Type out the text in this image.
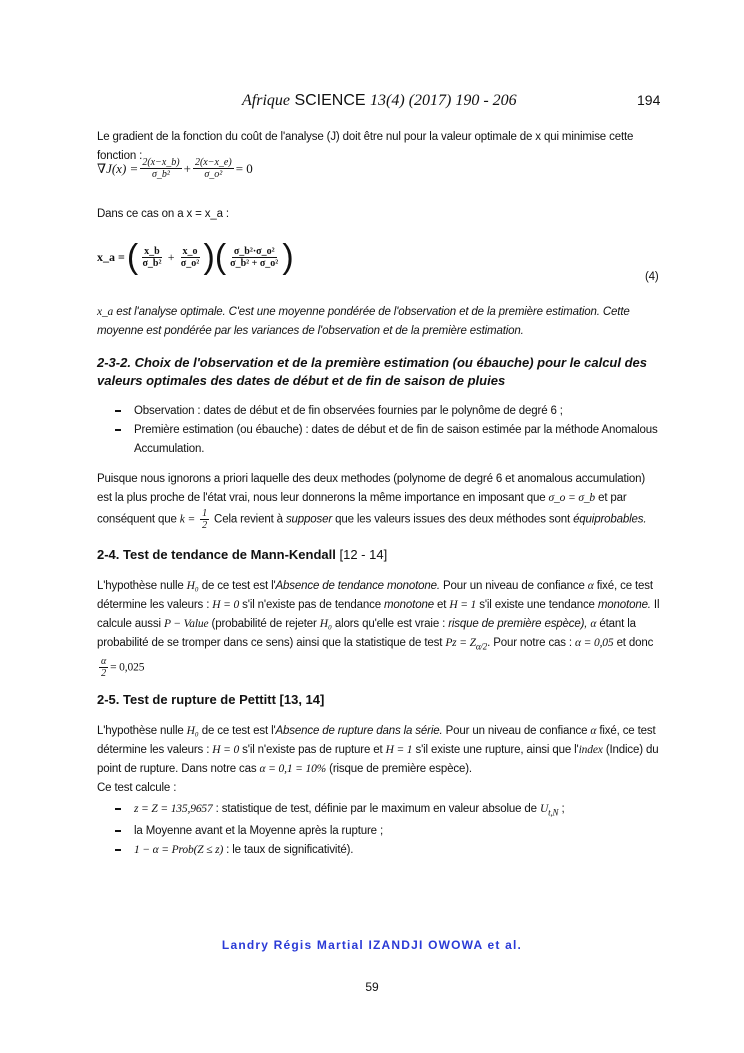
Afrique SCIENCE 13(4) (2017) 190 - 206	194
Le gradient de la fonction du coût de l'analyse (J) doit être nul pour la valeur optimale de x qui minimise cette fonction :
$\nabla J(x) = \frac{2(x-x\_b)}{\text{σ\_b²}} + \frac{2(x-x\_e)}{\text{σ\_o²}} = 0$
Dans ce cas on a x = x_a :
x_a = ( $\frac{x\_b}{\text{σ\_b²}} + \frac{x\_o}{\text{σ\_o²}}$ )( $\frac{\text{σ\_b²·σ\_o²}}{\text{σ\_b² + σ\_o²}}$ )
(4)
x_a est l'analyse optimale. C'est une moyenne pondérée de l'observation et de la première estimation. Cette moyenne est pondérée par les variances de l'observation et de la première estimation.
2-3-2. Choix de l'observation et de la première estimation (ou ébauche) pour le calcul des valeurs optimales des dates de début et de fin de saison de pluies
Observation : dates de début et de fin observées fournies par le polynôme de degré 6 ;
Première estimation (ou ébauche) : dates de début et de fin de saison estimée par la méthode Anomalous Accumulation.
Puisque nous ignorons a priori laquelle des deux methodes (polynome de degré 6 et anomalous accumulation) est la plus proche de l'état vrai, nous leur donnerons la même importance en imposant que σ_o = σ_b et par conséquent que $k = \frac{1}{2}$ Cela revient à supposer que les valeurs issues des deux méthodes sont équiprobables.
2-4. Test de tendance de Mann-Kendall [12 - 14]
L'hypothèse nulle H₀ de ce test est l'Absence de tendance monotone. Pour un niveau de confiance α fixé, ce test détermine les valeurs : H = 0 s'il n'existe pas de tendance monotone et H = 1 s'il existe une tendance monotone. Il calcule aussi P − Value (probabilité de rejeter H₀ alors qu'elle est vraie : risque de première espèce), α étant la probabilité de se tromper dans ce sens) ainsi que la statistique de test $Pz = Z_{\alpha/2}$. Pour notre cas : α = 0,05 et donc
$\frac{\alpha}{2} = 0,025$
2-5. Test de rupture de Pettitt [13, 14]
L'hypothèse nulle H₀ de ce test est l'Absence de rupture dans la série. Pour un niveau de confiance α fixé, ce test détermine les valeurs : H = 0 s'il n'existe pas de rupture et H = 1 s'il existe une rupture, ainsi que l'index (Indice) du point de rupture. Dans notre cas α = 0,1 = 10% (risque de première espèce).
Ce test calcule :
z = Z = 135,9657 : statistique de test, définie par le maximum en valeur absolue de $U_{t,N}$ ;
la Moyenne avant et la Moyenne après la rupture ;
1 − α = Prob(Z ≤ z) : le taux de significativité).
Landry Régis Martial IZANDJI OWOWA et al.
59
